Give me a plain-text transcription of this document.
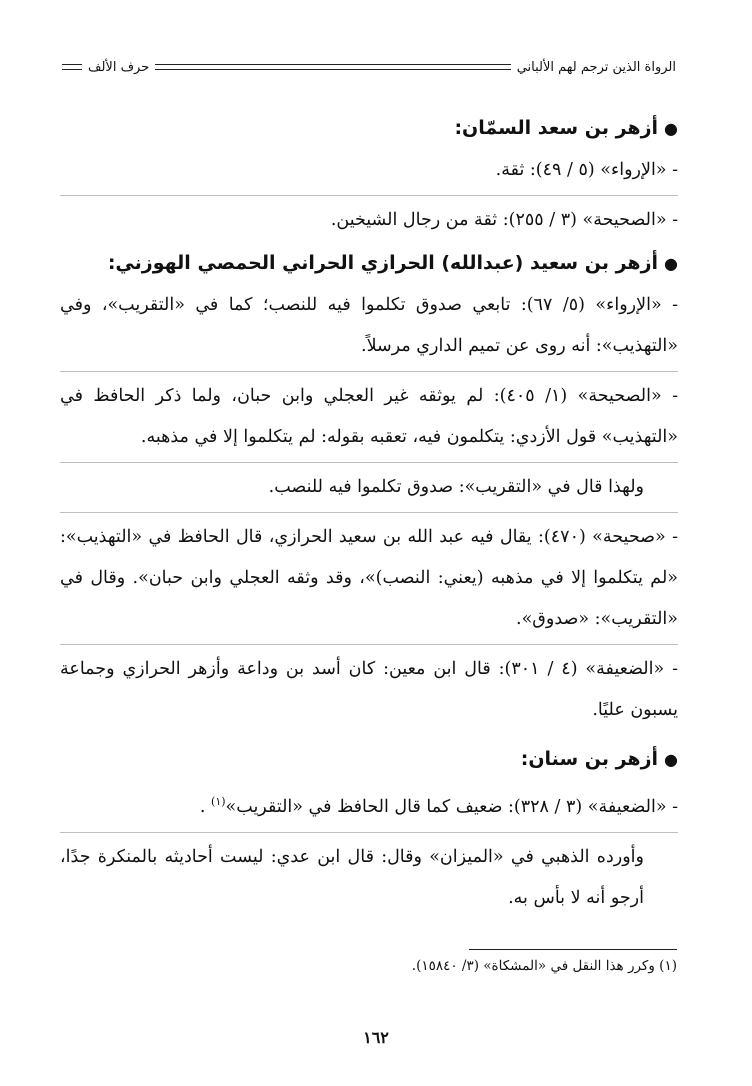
الرواة الذين ترجم لهم الألباني
حرف الألف
●
أزهر بن سعد السمّان:

- «الإرواء» (٥ / ٤٩): ثقة.

- «الصحيحة» (٣ / ٢٥٥): ثقة من رجال الشيخين.

●
أزهر بن سعيد (عبدالله) الحرازي الحراني الحمصي الهوزني:

- «الإرواء» (٥/ ٦٧): تابعي صدوق تكلموا فيه للنصب؛ كما في «التقريب»، وفي «التهذيب»: أنه روى عن تميم الداري مرسلاً.

- «الصحيحة» (١/ ٤٠٥): لم يوثقه غير العجلي وابن حبان، ولما ذكر الحافظ في «التهذيب» قول الأزدي: يتكلمون فيه، تعقبه بقوله: لم يتكلموا إلا في مذهبه.

ولهذا قال في «التقريب»: صدوق تكلموا فيه للنصب.

- «صحيحة» (٤٧٠): يقال فيه عبد الله بن سعيد الحرازي، قال الحافظ في «التهذيب»: «لم يتكلموا إلا في مذهبه (يعني: النصب)»، وقد وثقه العجلي وابن حبان». وقال في «التقريب»: «صدوق».

- «الضعيفة» (٤ / ٣٠١): قال ابن معين: كان أسد بن وداعة وأزهر الحرازي وجماعة يسبون عليًا.

●
أزهر بن سنان:

- «الضعيفة» (٣ / ٣٢٨): ضعيف كما قال الحافظ في «التقريب»$^{(١)}$ .

وأورده الذهبي في «الميزان» وقال: قال ابن عدي: ليست أحاديثه بالمنكرة جدًا، أرجو أنه لا بأس به.

(١) وكرر هذا النقل في «المشكاة» (٣/ ١٥٨٤٠).
١٦٢
